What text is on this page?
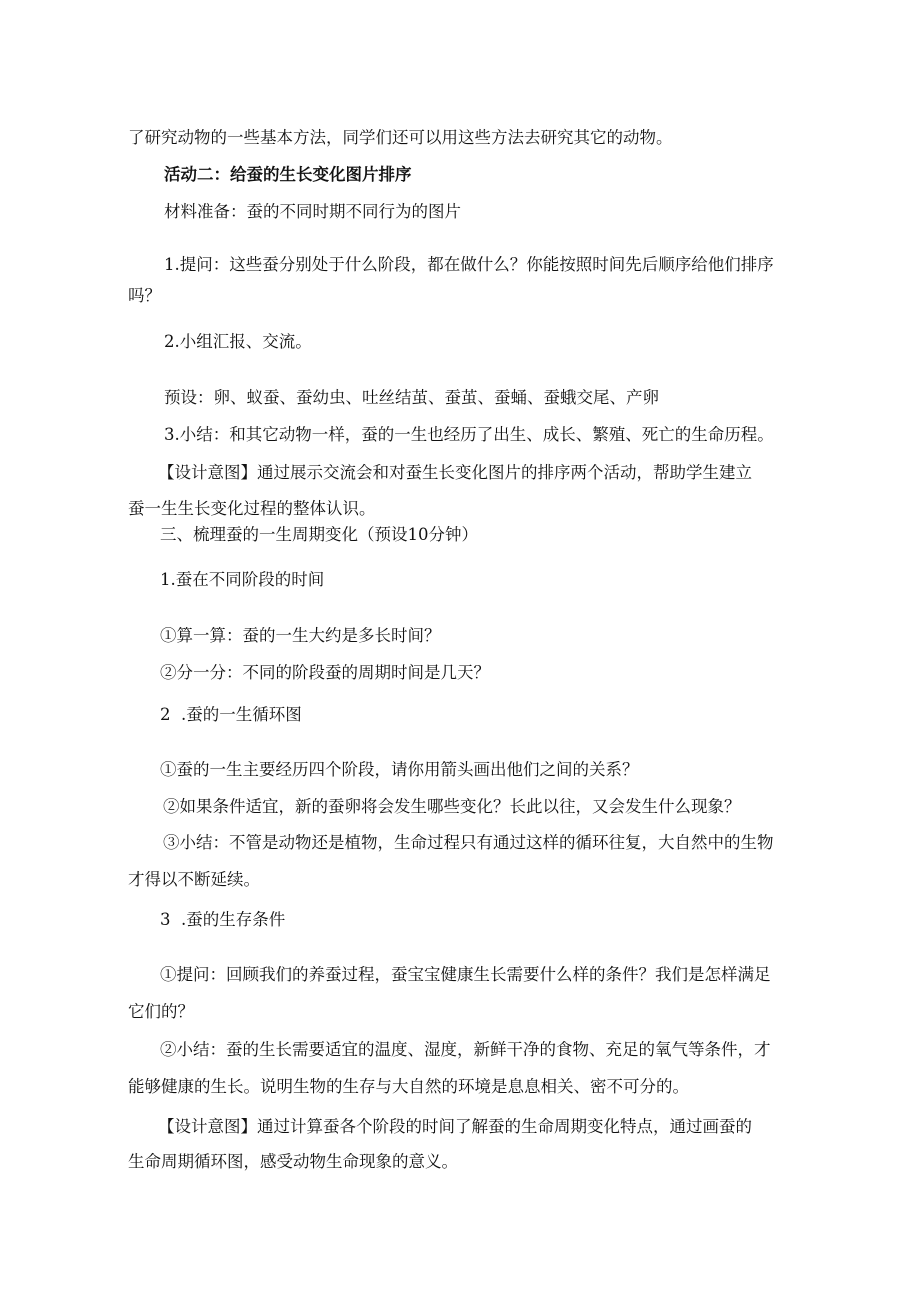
了研究动物的一些基本方法，同学们还可以用这些方法去研究其它的动物。
活动二：给蚕的生长变化图片排序
材料准备：蚕的不同时期不同行为的图片
1.提问：这些蚕分别处于什么阶段，都在做什么？你能按照时间先后顺序给他们排序
吗？
2.小组汇报、交流。
预设：卵、蚁蚕、蚕幼虫、吐丝结茧、蚕茧、蚕蛹、蚕蛾交尾、产卵
3.小结：和其它动物一样，蚕的一生也经历了出生、成长、繁殖、死亡的生命历程。
【设计意图】通过展示交流会和对蚕生长变化图片的排序两个活动，帮助学生建立
蚕一生生长变化过程的整体认识。
三、梳理蚕的一生周期变化（预设10分钟）
1.蚕在不同阶段的时间
①算一算：蚕的一生大约是多长时间？
②分一分：不同的阶段蚕的周期时间是几天？
2  .蚕的一生循环图
①蚕的一生主要经历四个阶段，请你用箭头画出他们之间的关系？
②如果条件适宜，新的蚕卵将会发生哪些变化？长此以往，又会发生什么现象？
③小结：不管是动物还是植物，生命过程只有通过这样的循环往复，大自然中的生物
才得以不断延续。
3  .蚕的生存条件
①提问：回顾我们的养蚕过程，蚕宝宝健康生长需要什么样的条件？我们是怎样满足
它们的？
②小结：蚕的生长需要适宜的温度、湿度，新鲜干净的食物、充足的氧气等条件，才
能够健康的生长。说明生物的生存与大自然的环境是息息相关、密不可分的。
【设计意图】通过计算蚕各个阶段的时间了解蚕的生命周期变化特点，通过画蚕的
生命周期循环图，感受动物生命现象的意义。
